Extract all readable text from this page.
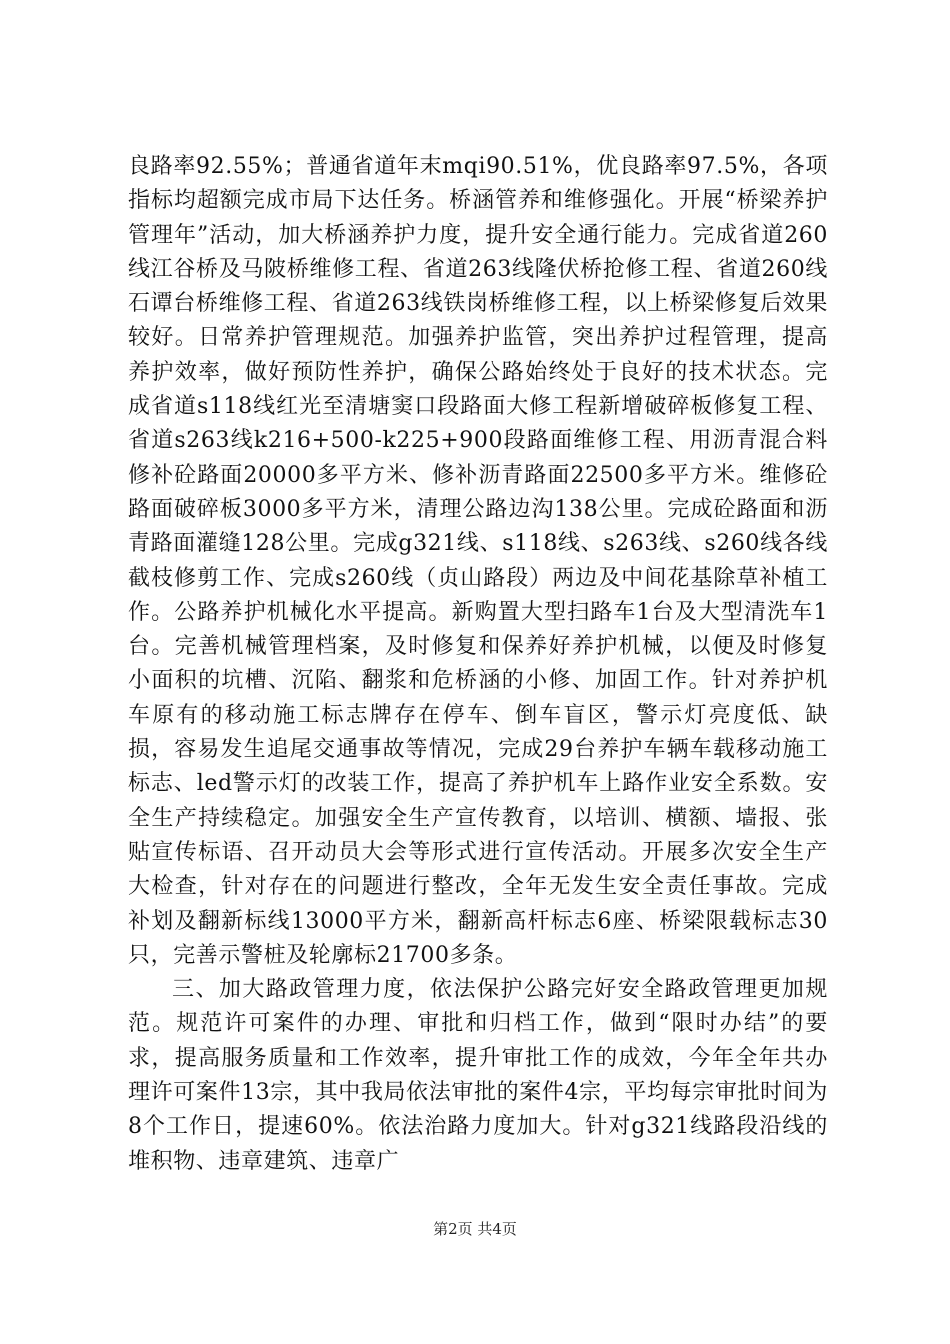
良路率92.55%；普通省道年末mqi90.51%，优良路率97.5%，各项指标均超额完成市局下达任务。桥涵管养和维修强化。开展“桥梁养护管理年”活动，加大桥涵养护力度，提升安全通行能力。完成省道260线江谷桥及马陂桥维修工程、省道263线隆伏桥抢修工程、省道260线石谭台桥维修工程、省道263线铁岗桥维修工程，以上桥梁修复后效果较好。日常养护管理规范。加强养护监管，突出养护过程管理，提高养护效率，做好预防性养护，确保公路始终处于良好的技术状态。完成省道s118线红光至清塘窦口段路面大修工程新增破碎板修复工程、省道s263线k216+500-k225+900段路面维修工程、用沥青混合料修补砼路面20000多平方米、修补沥青路面22500多平方米。维修砼路面破碎板3000多平方米，清理公路边沟138公里。完成砼路面和沥青路面灌缝128公里。完成g321线、s118线、s263线、s260线各线截枝修剪工作、完成s260线（贞山路段）两边及中间花基除草补植工作。公路养护机械化水平提高。新购置大型扫路车1台及大型清洗车1台。完善机械管理档案，及时修复和保养好养护机械，以便及时修复小面积的坑槽、沉陷、翻浆和危桥涵的小修、加固工作。针对养护机车原有的移动施工标志牌存在停车、倒车盲区，警示灯亮度低、缺损，容易发生追尾交通事故等情况，完成29台养护车辆车载移动施工标志、led警示灯的改装工作，提高了养护机车上路作业安全系数。安全生产持续稳定。加强安全生产宣传教育，以培训、横额、墙报、张贴宣传标语、召开动员大会等形式进行宣传活动。开展多次安全生产大检查，针对存在的问题进行整改，全年无发生安全责任事故。完成补划及翻新标线13000平方米，翻新高杆标志6座、桥梁限载标志30只，完善示警桩及轮廓标21700多条。

三、加大路政管理力度，依法保护公路完好安全路政管理更加规范。规范许可案件的办理、审批和归档工作，做到“限时办结”的要求，提高服务质量和工作效率，提升审批工作的成效，今年全年共办理许可案件13宗，其中我局依法审批的案件4宗，平均每宗审批时间为8个工作日，提速60%。依法治路力度加大。针对g321线路段沿线的堆积物、违章建筑、违章广

第2页 共4页
